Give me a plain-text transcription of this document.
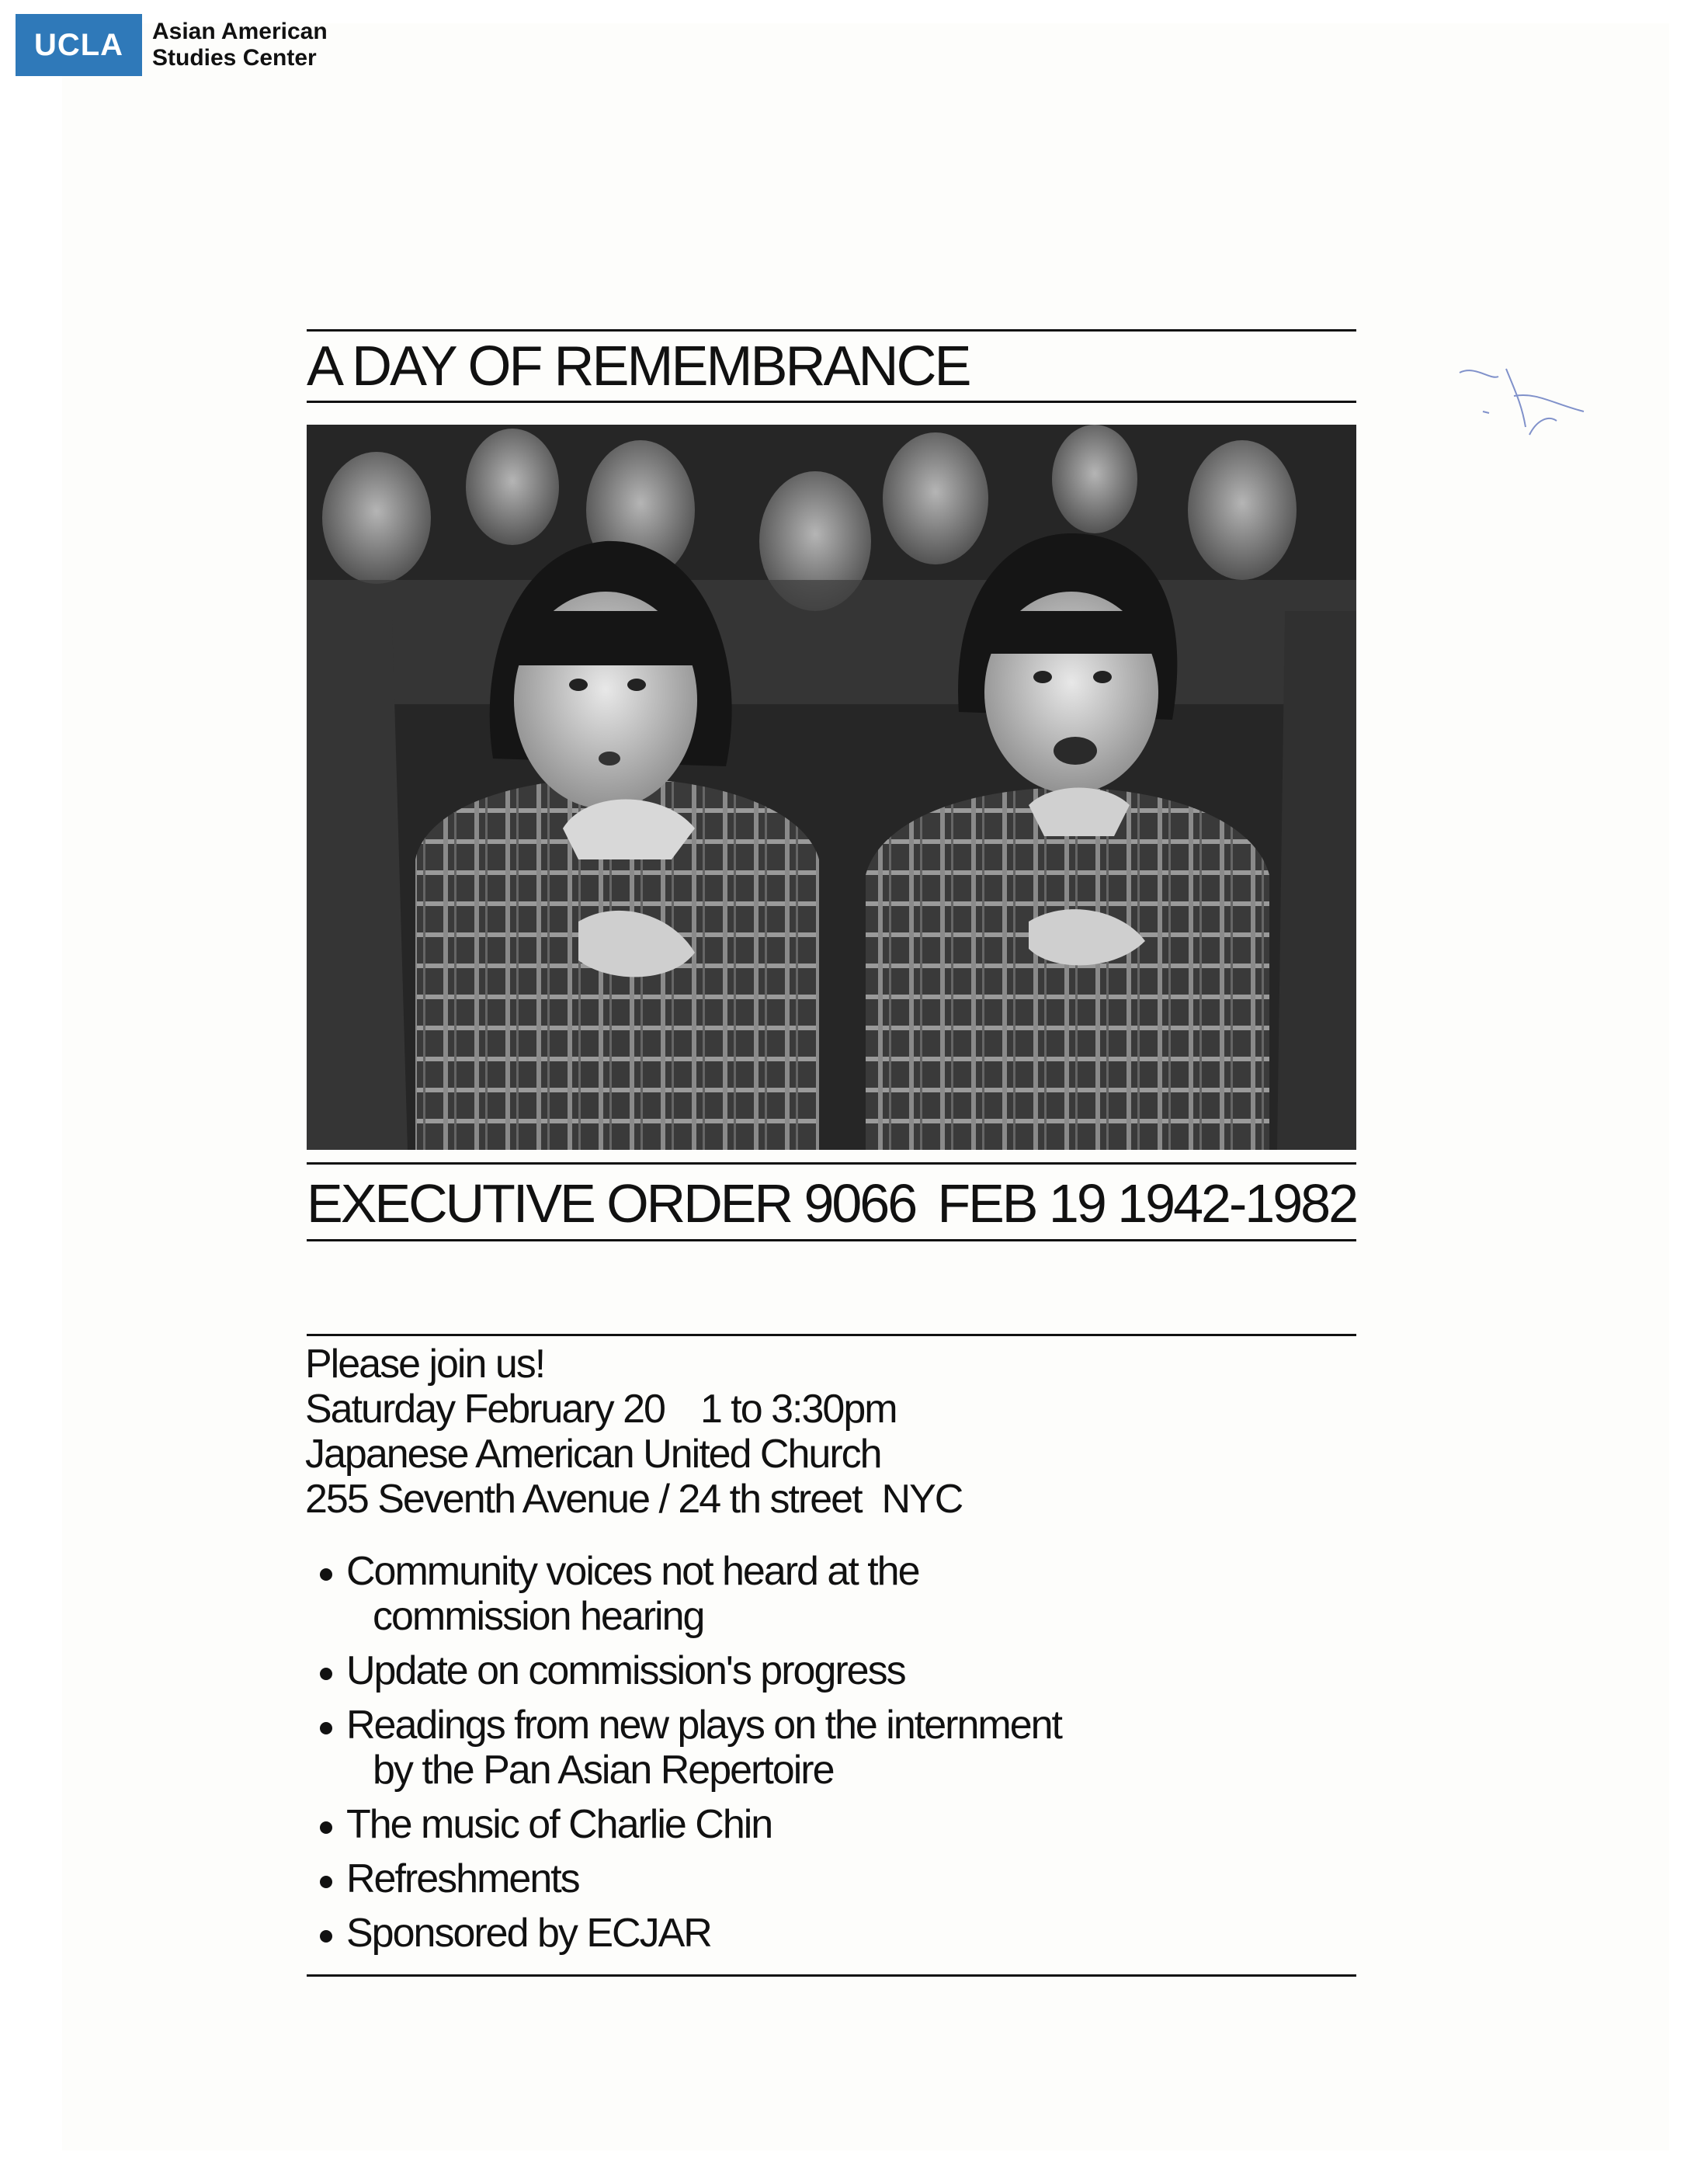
UCLA Asian American
Studies Center
A DAY OF REMEMBRANCE
EXECUTIVE ORDER 9066 FEB 19 1942-1982
Please join us!
Saturday February 20 1 to 3:30pm
Japanese American United Church
255 Seventh Avenue / 24 th street NYC
Community voices not heard at the
commission hearing
Update on commission's progress
Readings from new plays on the internment
by the Pan Asian Repertoire
The music of Charlie Chin
Refreshments
Sponsored by ECJAR
